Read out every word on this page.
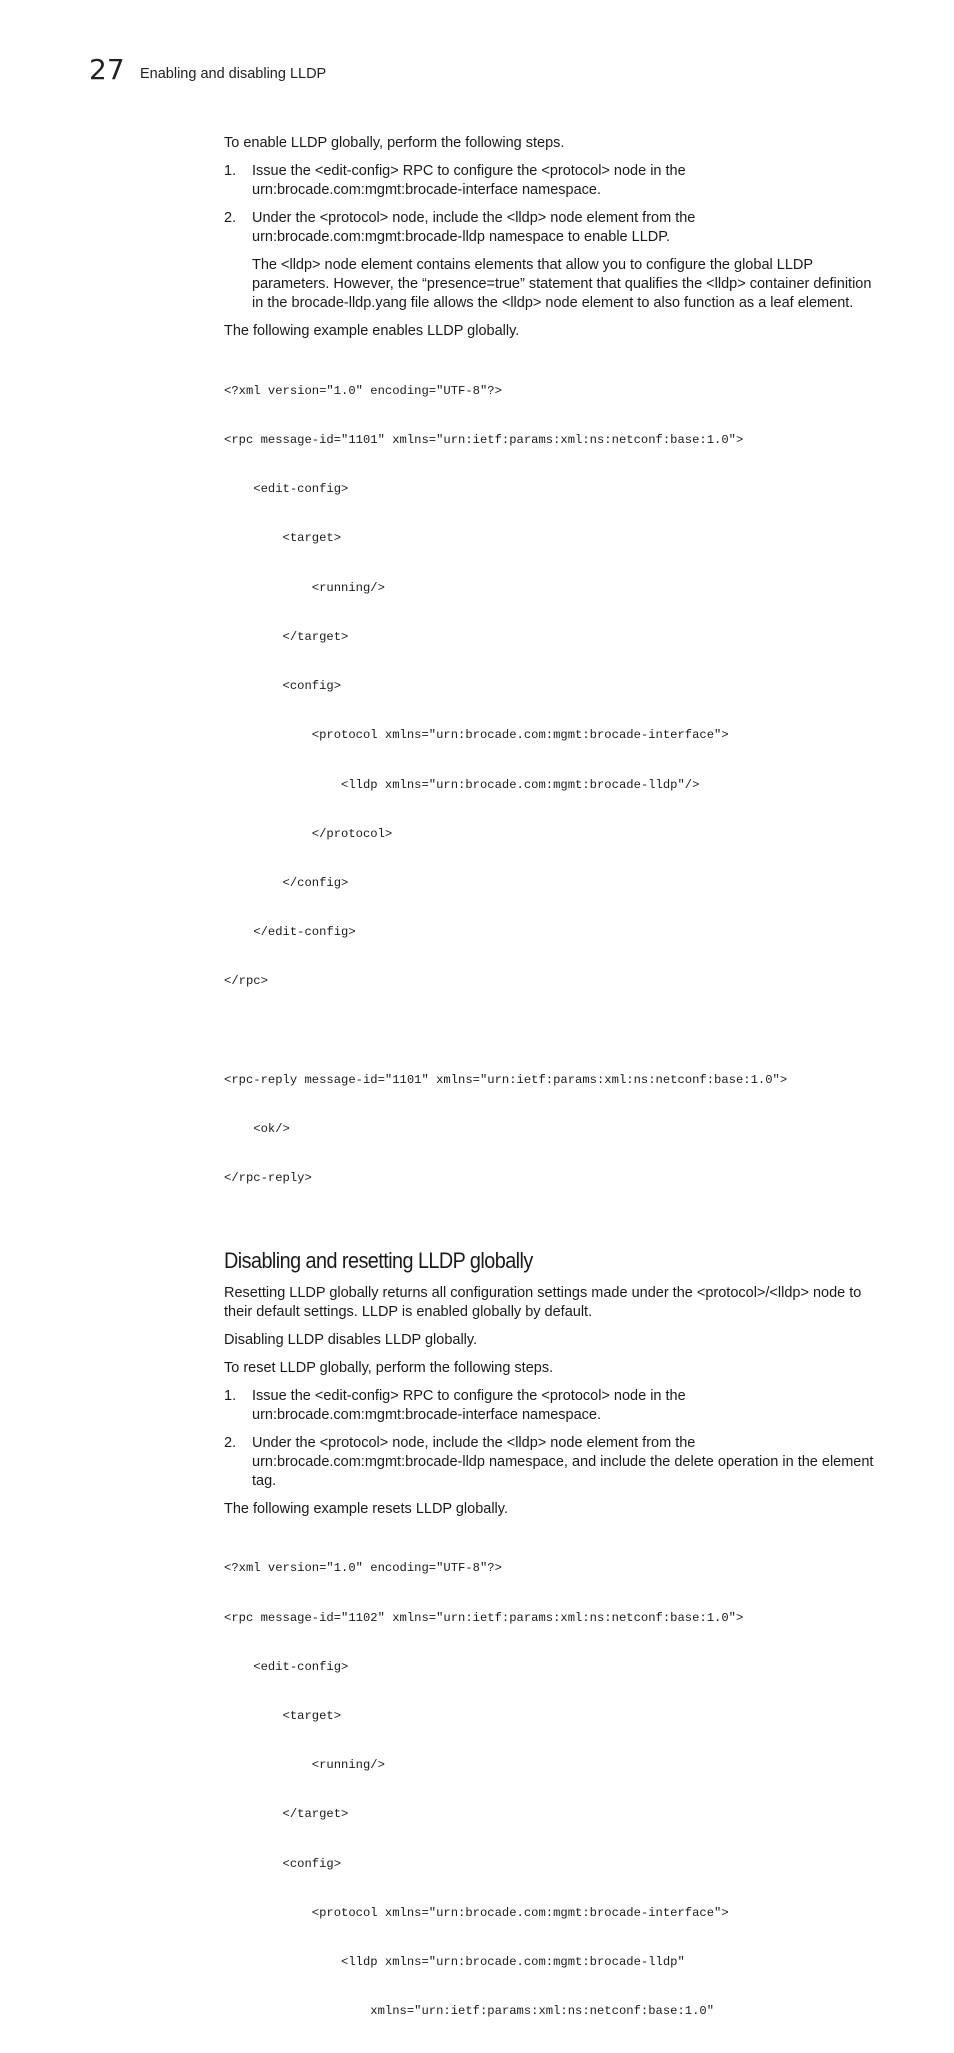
27 Enabling and disabling LLDP

To enable LLDP globally, perform the following steps.

1. Issue the <edit-config> RPC to configure the <protocol> node in the urn:brocade.com:mgmt:brocade-interface namespace.
2. Under the <protocol> node, include the <lldp> node element from the urn:brocade.com:mgmt:brocade-lldp namespace to enable LLDP.

The <lldp> node element contains elements that allow you to configure the global LLDP parameters. However, the “presence=true” statement that qualifies the <lldp> container definition in the brocade-lldp.yang file allows the <lldp> node element to also function as a leaf element.

The following example enables LLDP globally.

<?xml version="1.0" encoding="UTF-8"?>

<rpc message-id="1101" xmlns="urn:ietf:params:xml:ns:netconf:base:1.0">

<edit-config>

<target>

<running/>

</target>

<config>

<protocol xmlns="urn:brocade.com:mgmt:brocade-interface">

<lldp xmlns="urn:brocade.com:mgmt:brocade-lldp"/>

</protocol>

</config>

</edit-config>

</rpc>

<rpc-reply message-id="1101" xmlns="urn:ietf:params:xml:ns:netconf:base:1.0">

<ok/>

</rpc-reply>

Disabling and resetting LLDP globally

Resetting LLDP globally returns all configuration settings made under the <protocol>/<lldp> node to their default settings. LLDP is enabled globally by default.

Disabling LLDP disables LLDP globally.

To reset LLDP globally, perform the following steps.

1. Issue the <edit-config> RPC to configure the <protocol> node in the urn:brocade.com:mgmt:brocade-interface namespace.
2. Under the <protocol> node, include the <lldp> node element from the urn:brocade.com:mgmt:brocade-lldp namespace, and include the delete operation in the element tag.

The following example resets LLDP globally.

<?xml version="1.0" encoding="UTF-8"?>

<rpc message-id="1102" xmlns="urn:ietf:params:xml:ns:netconf:base:1.0">

<edit-config>

<target>

<running/>

</target>

<config>

<protocol xmlns="urn:brocade.com:mgmt:brocade-interface">

<lldp xmlns="urn:brocade.com:mgmt:brocade-lldp"

xmlns="urn:ietf:params:xml:ns:netconf:base:1.0"
